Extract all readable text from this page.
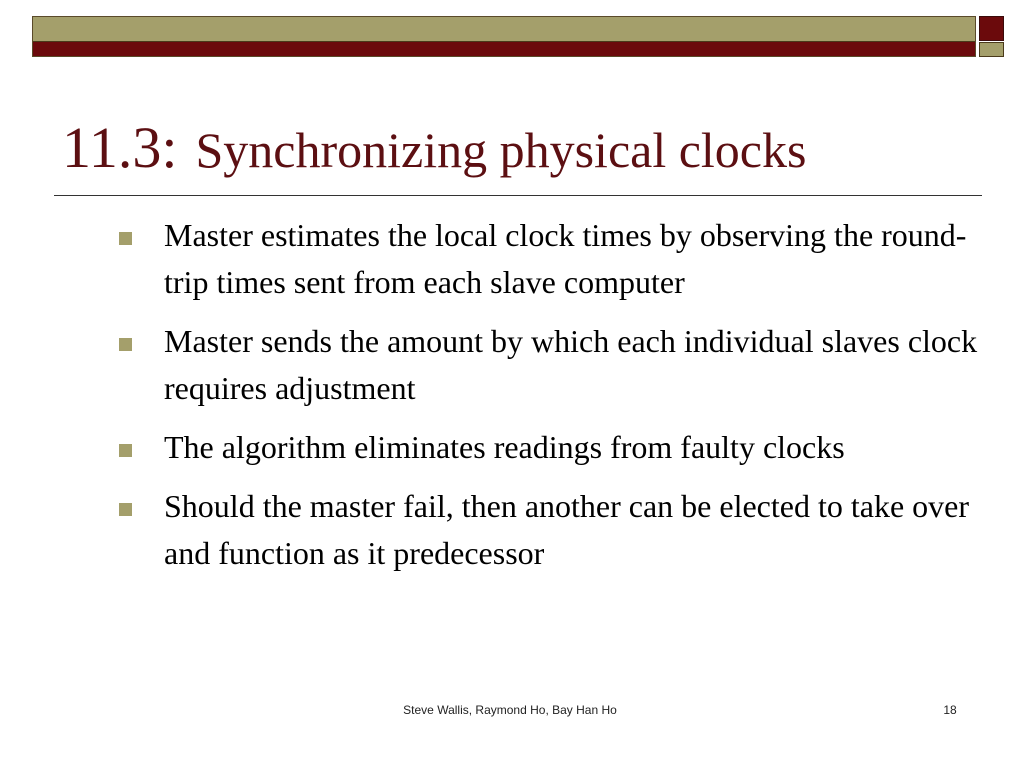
11.3: Synchronizing physical clocks
Master estimates the local clock times by observing the round-trip times sent from each slave computer
Master sends the amount by which each individual slaves clock requires adjustment
The algorithm eliminates readings from faulty clocks
Should the master fail, then another can be elected to take over and function as it predecessor
Steve Wallis, Raymond Ho, Bay Han Ho	18
